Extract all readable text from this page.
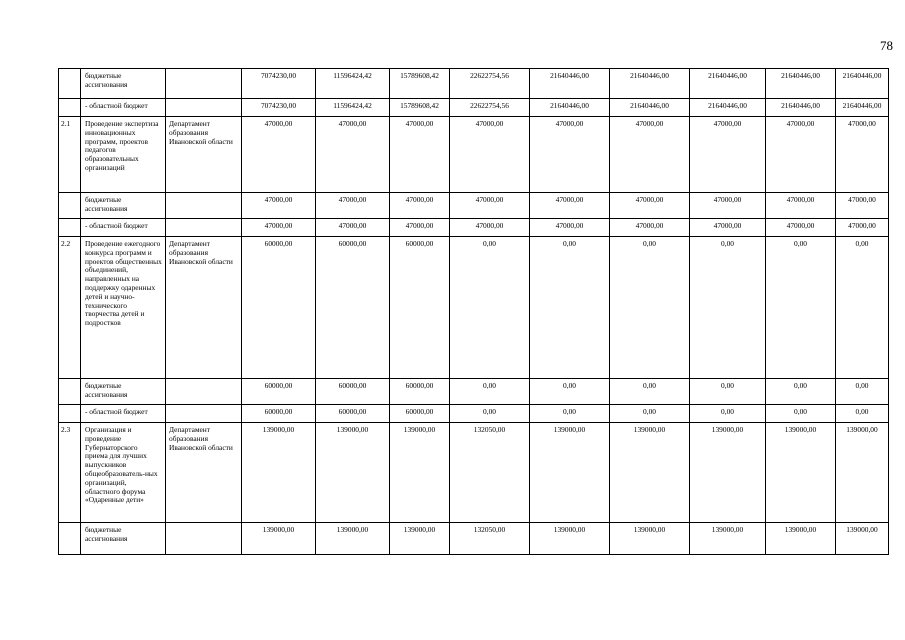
78
	бюджетные ассигнования		7074230,00	11596424,42	15789608,42	22622754,56	21640446,00	21640446,00	21640446,00	21640446,00	21640446,00
	- областной бюджет		7074230,00	11596424,42	15789608,42	22622754,56	21640446,00	21640446,00	21640446,00	21640446,00	21640446,00
2.1	Проведение экспертиза инновационных программ, проектов педагогов образовательных организаций	Департамент образования Ивановской области	47000,00	47000,00	47000,00	47000,00	47000,00	47000,00	47000,00	47000,00	47000,00
	бюджетные ассигнования		47000,00	47000,00	47000,00	47000,00	47000,00	47000,00	47000,00	47000,00	47000,00
	- областной бюджет		47000,00	47000,00	47000,00	47000,00	47000,00	47000,00	47000,00	47000,00	47000,00
2.2	Проведение ежегодного конкурса программ и проектов общественных объединений, направленных на поддержку одаренных детей и научно-технического творчества детей и подростков	Департамент образования Ивановской области	60000,00	60000,00	60000,00	0,00	0,00	0,00	0,00	0,00	0,00
	бюджетные ассигнования		60000,00	60000,00	60000,00	0,00	0,00	0,00	0,00	0,00	0,00
	- областной бюджет		60000,00	60000,00	60000,00	0,00	0,00	0,00	0,00	0,00	0,00
2.3	Организация и проведение Губернаторского приема для лучших выпускников общеобразователь-ных организаций, областного форума «Одаренные дети»	Департамент образования Ивановской области	139000,00	139000,00	139000,00	132050,00	139000,00	139000,00	139000,00	139000,00	139000,00
	бюджетные ассигнования		139000,00	139000,00	139000,00	132050,00	139000,00	139000,00	139000,00	139000,00	139000,00
